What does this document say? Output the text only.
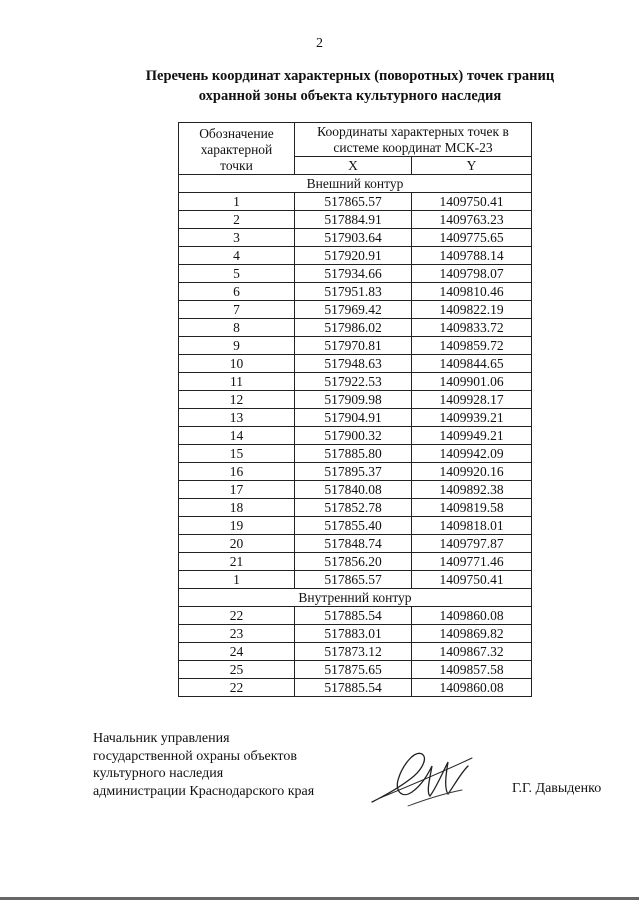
2
Перечень координат характерных (поворотных) точек границ
охранной зоны объекта культурного наследия
Обозначение
характерной
точки	Координаты характерных точек в
системе координат МСК-23	

	X	Y
Внешний контур		
1	517865.57	1409750.41
2	517884.91	1409763.23
3	517903.64	1409775.65
4	517920.91	1409788.14
5	517934.66	1409798.07
6	517951.83	1409810.46
7	517969.42	1409822.19
8	517986.02	1409833.72
9	517970.81	1409859.72
10	517948.63	1409844.65
11	517922.53	1409901.06
12	517909.98	1409928.17
13	517904.91	1409939.21
14	517900.32	1409949.21
15	517885.80	1409942.09
16	517895.37	1409920.16
17	517840.08	1409892.38
18	517852.78	1409819.58
19	517855.40	1409818.01
20	517848.74	1409797.87
21	517856.20	1409771.46
1	517865.57	1409750.41
Внутренний контур		
22	517885.54	1409860.08
23	517883.01	1409869.82
24	517873.12	1409867.32
25	517875.65	1409857.58
22	517885.54	1409860.08
Начальник управления
государственной охраны объектов
культурного наследия
администрации Краснодарского края	Г.Г. Давыденко
